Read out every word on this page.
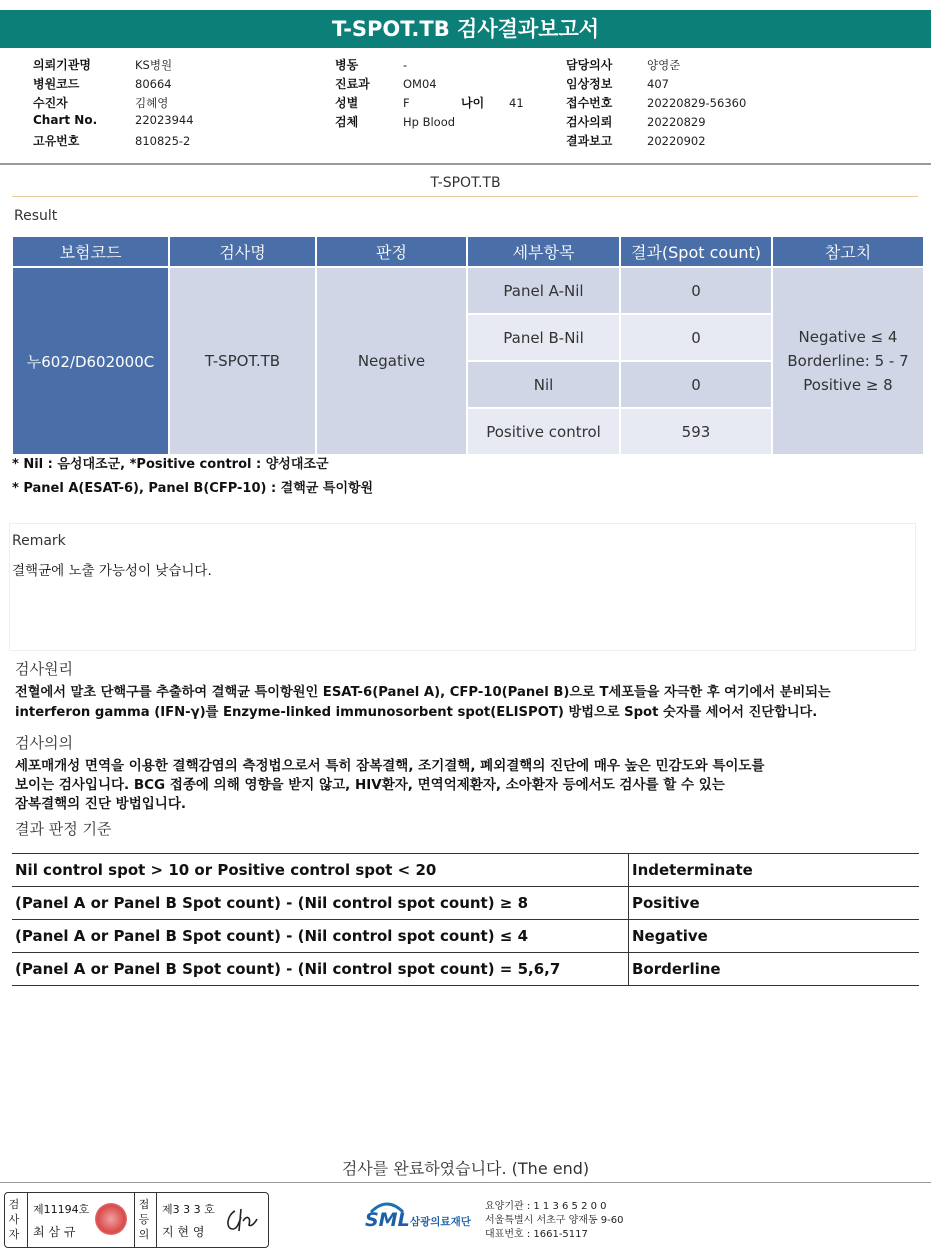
T-SPOT.TB 검사결과보고서
의뢰기관명	KS병원
병원코드	80664
수진자	김혜영
Chart No.	22023944
고유번호	810825-2
병동	-
진료과	OM04
성별	F	나이 41
검체	Hp Blood
담당의사	양영준
임상정보	407
접수번호	20220829-56360
검사의뢰	20220829
결과보고	20220902
T-SPOT.TB
Result
보험코드	검사명	판정	세부항목	결과(Spot count)	참고치
누602/D602000C	T-SPOT.TB	Negative	Panel A-Nil	0	Negative ≤ 4
Borderline: 5 - 7
Positive ≥ 8

			Panel B-Nil	0	
			Nil	0	
			Positive control	593	
* Nil : 음성대조군, *Positive control : 양성대조군
* Panel A(ESAT-6), Panel B(CFP-10) : 결핵균 특이항원
Remark
결핵균에 노출 가능성이 낮습니다.
검사원리
전혈에서 말초 단핵구를 추출하여 결핵균 특이항원인 ESAT-6(Panel A), CFP-10(Panel B)으로 T세포들을 자극한 후 여기에서 분비되는
interferon gamma (IFN-γ)를 Enzyme-linked immunosorbent spot(ELISPOT) 방법으로 Spot 숫자를 세어서 진단합니다.
검사의의
세포매개성 면역을 이용한 결핵감염의 측정법으로서 특히 잠복결핵, 조기결핵, 폐외결핵의 진단에 매우 높은 민감도와 특이도를
보이는 검사입니다. BCG 접종에 의해 영향을 받지 않고, HIV환자, 면역억제환자, 소아환자 등에서도 검사를 할 수 있는
잠복결핵의 진단 방법입니다.
결과 판정 기준
Nil control spot > 10 or Positive control spot < 20	Indeterminate
(Panel A or Panel B Spot count) - (Nil control spot count) ≥ 8	Positive
(Panel A or Panel B Spot count) - (Nil control spot count) ≤ 4	Negative
(Panel A or Panel B Spot count) - (Nil control spot count) = 5,6,7	Borderline
검사를 완료하였습니다. (The end)
검사자
제11194호
최 삼 규
접등의
제3 3 3 호
지 현 영
SML 삼광의료재단
요양기관 : 1 1 3 6 5 2 0 0
서울특별시 서초구 양재동 9-60
대표번호 : 1661-5117
